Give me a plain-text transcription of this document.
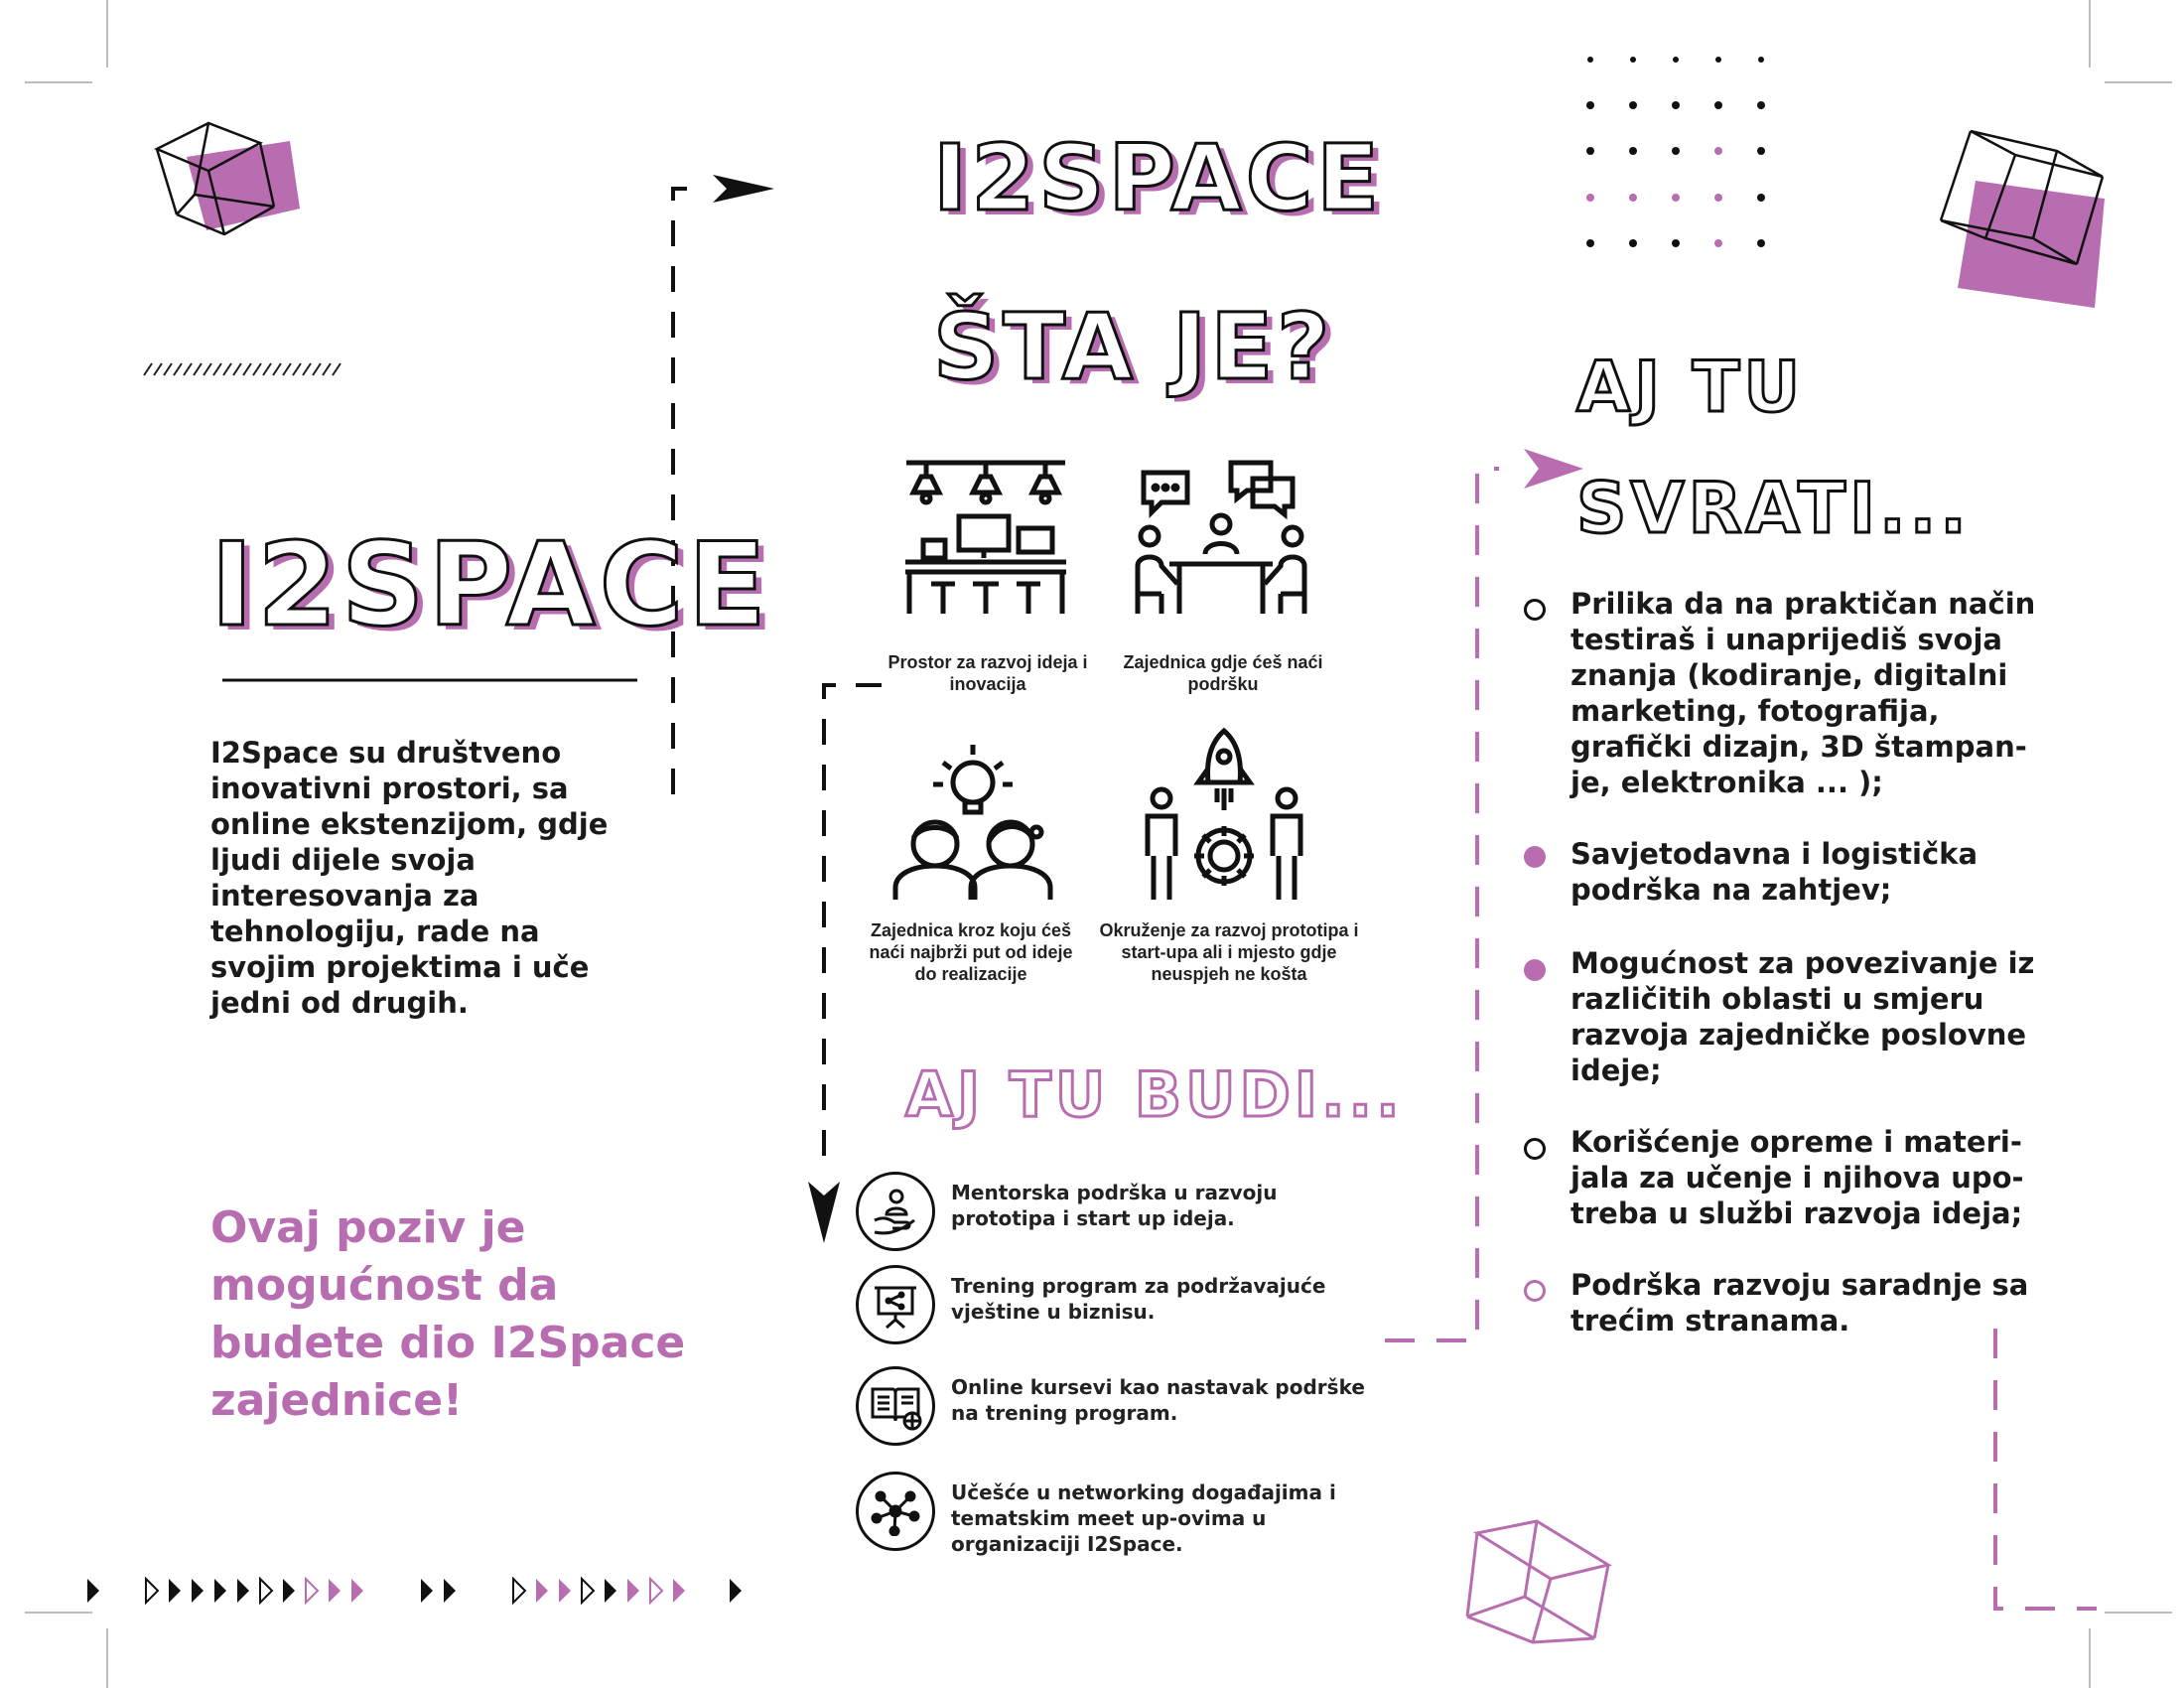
I2SPACE
I2Space su društveno inovativni prostori, sa online ekstenzijom, gdje ljudi dijele svoja interesovanja za tehnologiju, rade na svojim projektima i uče jedni od drugih.
Ovaj poziv je mogućnost da budete dio I2Space zajednice!
I2SPACE
ŠTA JE?
Prostor za razvoj ideja i inovacija
Zajednica gdje ćeš naći podršku
Zajednica kroz koju ćeš naći najbrži put od ideje do realizacije
Okruženje za razvoj prototipa i start-upa ali i mjesto gdje neuspjeh ne košta
AJ TU BUDI...
Mentorska podrška u razvoju prototipa i start up ideja.
Trening program za podržavajuće vještine u biznisu.
Online kursevi kao nastavak podrške na trening program.
Učešće u networking događajima i tematskim meet up-ovima u organizaciji I2Space.
AJ TU
SVRATI...
Prilika da na praktičan način testiraš i unaprijediš svoja znanja (kodiranje, digitalni marketing, fotografija, grafički dizajn, 3D štampan-je, elektronika ... );
Savjetodavna i logistička podrška na zahtjev;
Mogućnost za povezivanje iz različitih oblasti u smjeru razvoja zajedničke poslovne ideje;
Korišćenje opreme i materi-jala za učenje i njihova upo-treba u službi razvoja ideja;
Podrška razvoju saradnje sa trećim stranama.
